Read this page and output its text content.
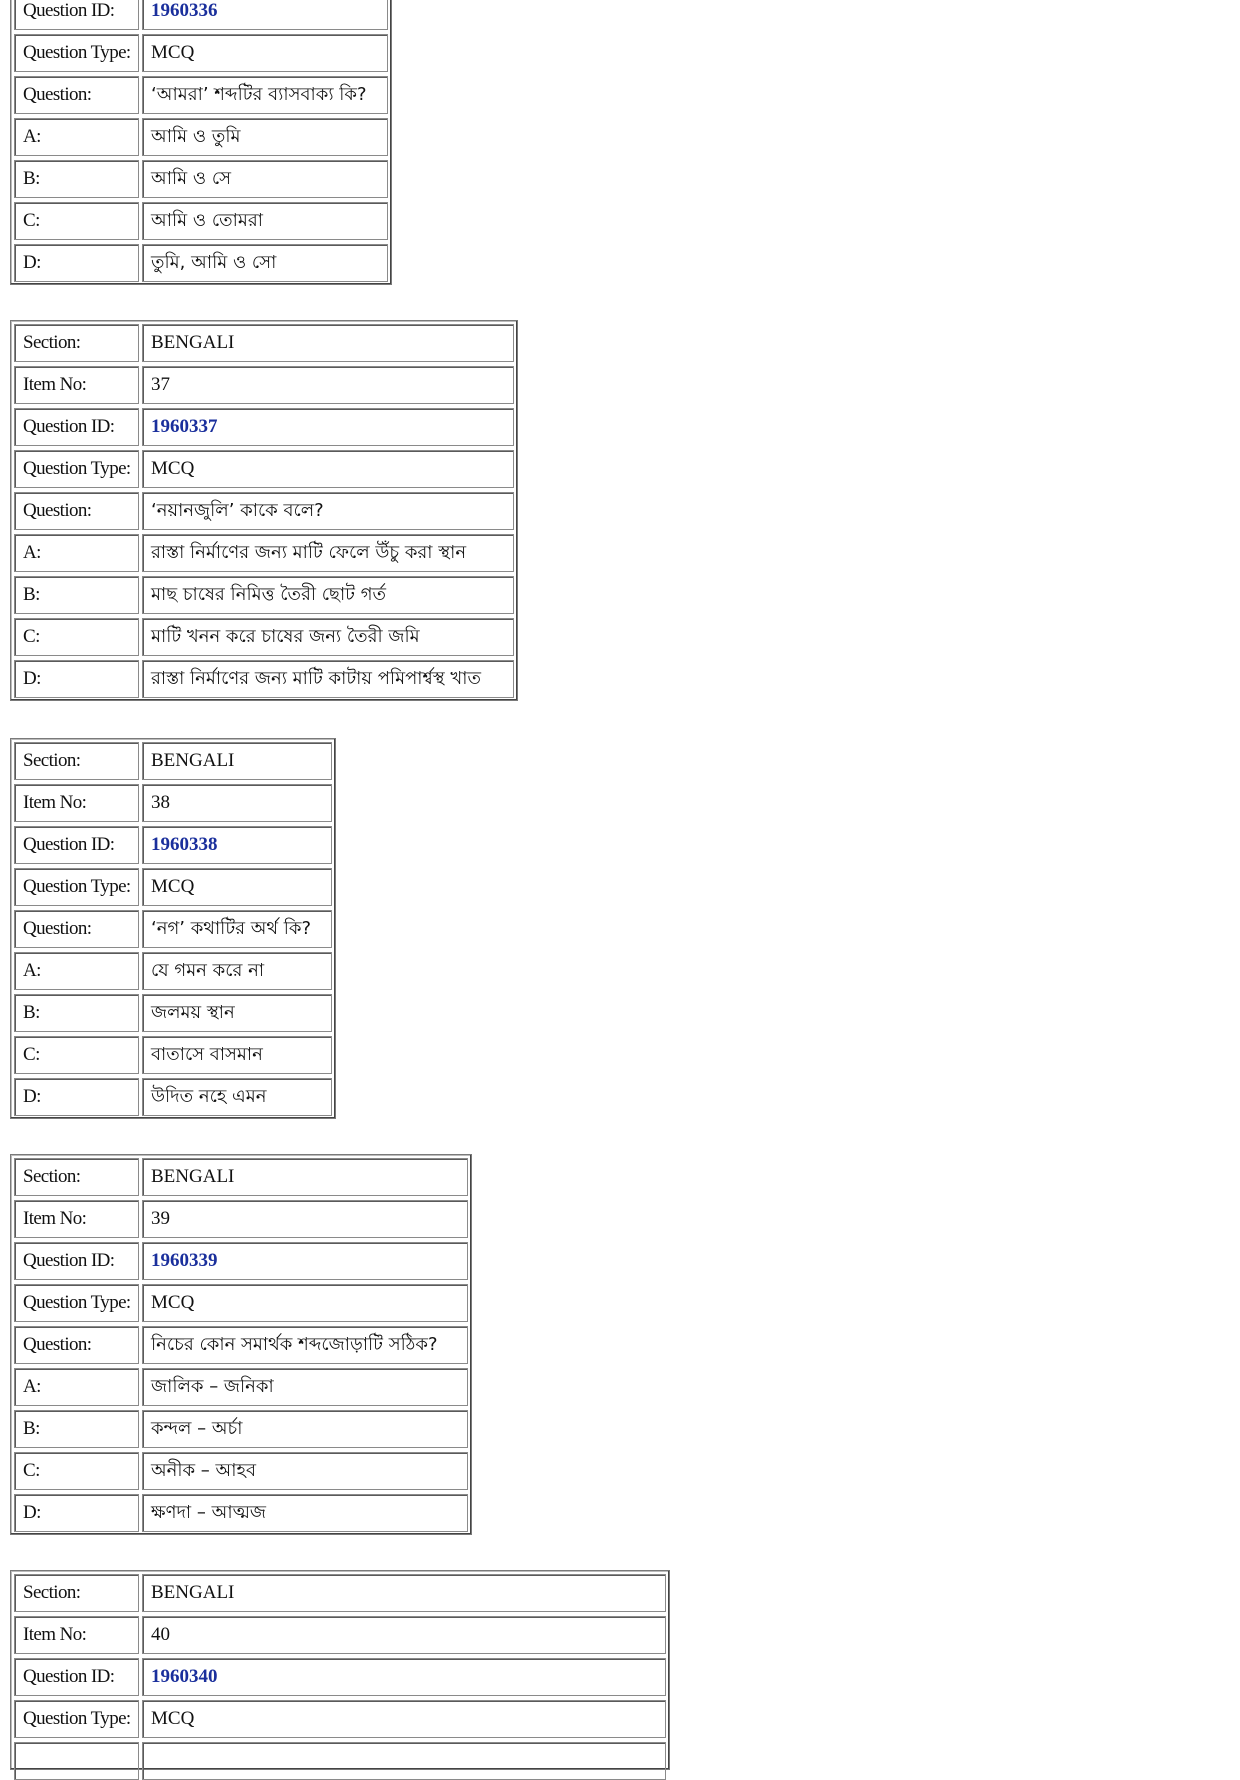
Question ID:	1960336
Question Type:	MCQ
Question:	‘আমরা’ শব্দটির ব্যাসবাক্য কি?
A:	আমি ও তুমি
B:	আমি ও সে
C:	আমি ও তোমরা
D:	তুমি, আমি ও সো
Section:	BENGALI
Item No:	37
Question ID:	1960337
Question Type:	MCQ
Question:	‘নয়ানজুলি’ কাকে বলে?
A:	রাস্তা নির্মাণের জন্য মাটি ফেলে উঁচু করা স্থান
B:	মাছ চাষের নিমিত্ত তৈরী ছোট গর্ত
C:	মাটি খনন করে চাষের জন্য তৈরী জমি
D:	রাস্তা নির্মাণের জন্য মাটি কাটায় পমিপার্শ্বস্থ খাত
Section:	BENGALI
Item No:	38
Question ID:	1960338
Question Type:	MCQ
Question:	‘নগ’ কথাটির অর্থ কি?
A:	যে গমন করে না
B:	জলময় স্থান
C:	বাতাসে বাসমান
D:	উদিত নহে এমন
Section:	BENGALI
Item No:	39
Question ID:	1960339
Question Type:	MCQ
Question:	নিচের কোন সমার্থক শব্দজোড়াটি সঠিক?
A:	জালিক – জনিকা
B:	কন্দল – অর্চা
C:	অনীক – আহব
D:	ক্ষণদা – আত্মজ
Section:	BENGALI
Item No:	40
Question ID:	1960340
Question Type:	MCQ
